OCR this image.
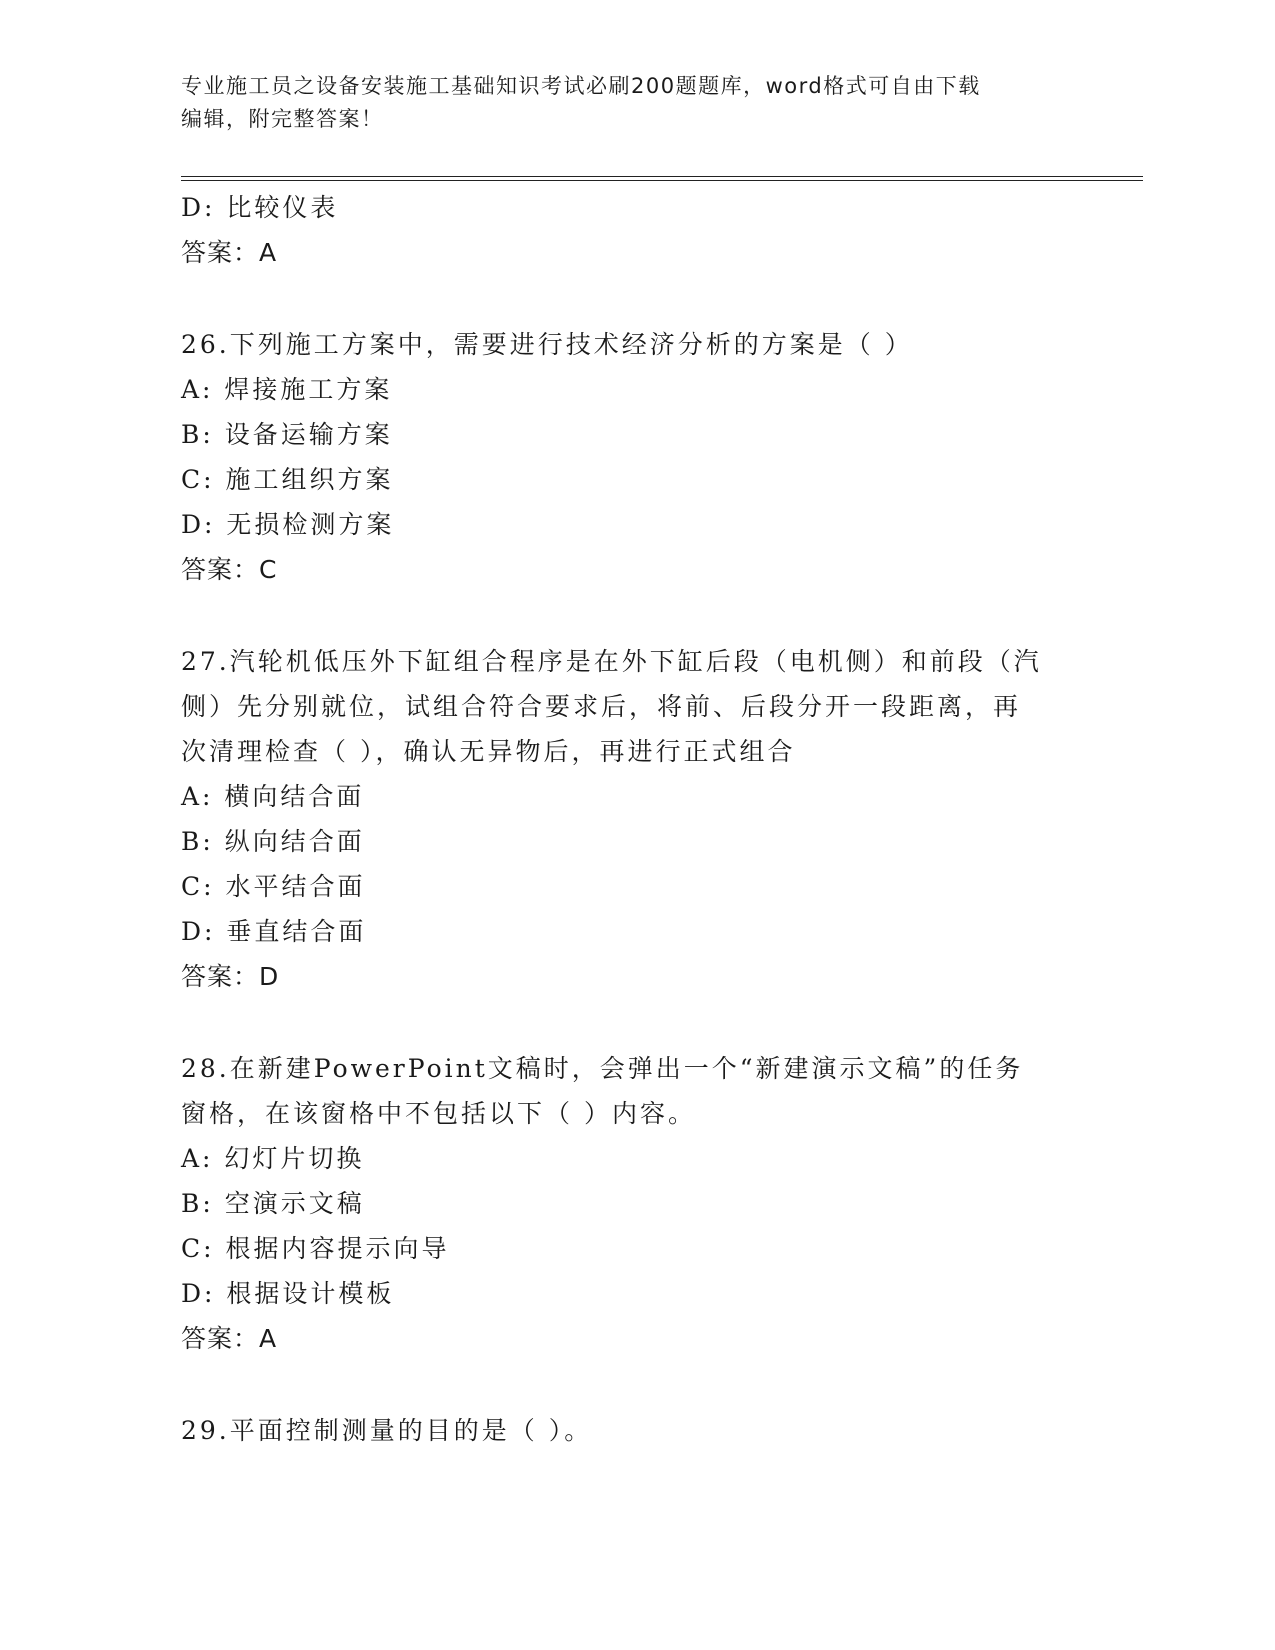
专业施工员之设备安装施工基础知识考试必刷200题题库，word格式可自由下载
编辑，附完整答案！
D: 比较仪表
答案：A
26.下列施工方案中，需要进行技术经济分析的方案是（ ）
A: 焊接施工方案
B: 设备运输方案
C: 施工组织方案
D: 无损检测方案
答案：C
27.汽轮机低压外下缸组合程序是在外下缸后段（电机侧）和前段（汽
侧）先分别就位，试组合符合要求后，将前、后段分开一段距离，再
次清理检查（ ），确认无异物后，再进行正式组合
A: 横向结合面
B: 纵向结合面
C: 水平结合面
D: 垂直结合面
答案：D
28.在新建PowerPoint文稿时，会弹出一个“新建演示文稿”的任务
窗格，在该窗格中不包括以下（ ）内容。
A: 幻灯片切换
B: 空演示文稿
C: 根据内容提示向导
D: 根据设计模板
答案：A
29.平面控制测量的目的是（ ）。
